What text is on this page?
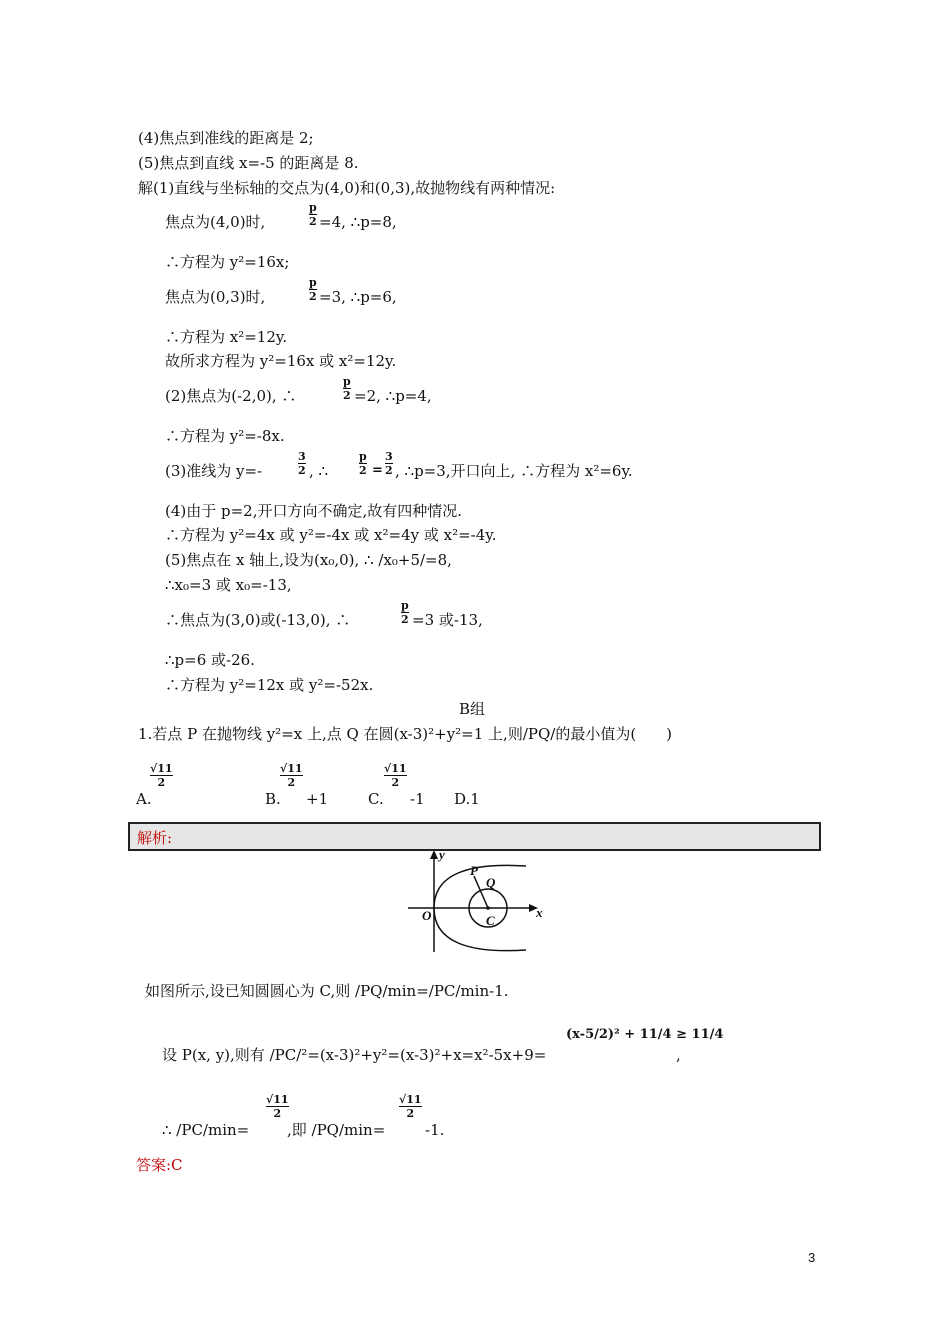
(4)焦点到准线的距离是 2;
(5)焦点到直线 x=-5 的距离是 8.
解(1)直线与坐标轴的交点为(4,0)和(0,3),故抛物线有两种情况:
焦点为(4,0)时,
p
2 =4, ∴p=8,
∴方程为 y²=16x;
焦点为(0,3)时,
p
2 =3, ∴p=6,
∴方程为 x²=12y.
故所求方程为 y²=16x 或 x²=12y.
(2)焦点为(-2,0), ∴
p
2 =2, ∴p=4,
∴方程为 y²=-8x.
(3)准线为 y=-
3
2 , ∴
p
2 =
3
2 , ∴p=3,开口向上, ∴方程为 x²=6y.
(4)由于 p=2,开口方向不确定,故有四种情况.
∴方程为 y²=4x 或 y²=-4x 或 x²=4y 或 x²=-4y.
(5)焦点在 x 轴上,设为(x₀,0), ∴ /x₀+5/=8,
∴x₀=3 或 x₀=-13,
∴焦点为(3,0)或(-13,0), ∴
p
2 =3 或-13,
∴p=6 或-26.
∴方程为 y²=12x 或 y²=-52x.
B组
1.若点 P 在抛物线 y²=x 上,点 Q 在圆(x-3)²+y²=1 上,则/PQ/的最小值为(　　)
√11
2
A.
√11
2
B. +1
√11
2
C. -1 D.1
解析:
y
x
O
P
Q
C
如图所示,设已知圆圆心为 C,则 /PQ/min=/PC/min-1.
设 P(x, y),则有 /PC/²=(x-3)²+y²=(x-3)²+x=x²-5x+9=
(x-5/2)² + 11/4 ≥ 11/4
,
∴ /PC/min=
√11
2
,即 /PQ/min=
√11
2
-1.
答案:C
3
